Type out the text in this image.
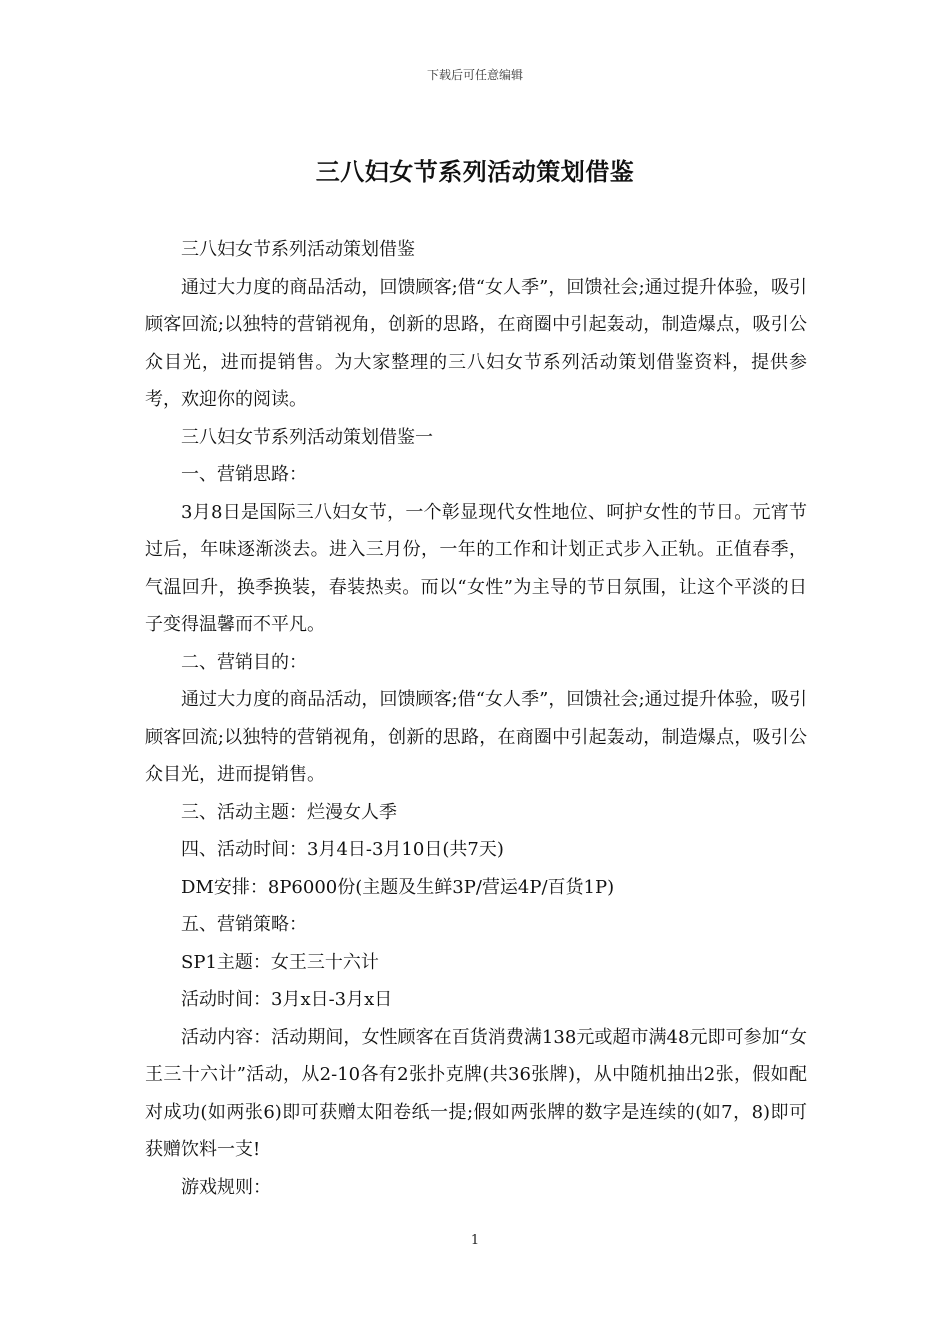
下载后可任意编辑
三八妇女节系列活动策划借鉴

三八妇女节系列活动策划借鉴

通过大力度的商品活动，回馈顾客;借“女人季”，回馈社会;通过提升体验，吸引顾客回流;以独特的营销视角，创新的思路，在商圈中引起轰动，制造爆点，吸引公众目光，进而提销售。为大家整理的三八妇女节系列活动策划借鉴资料，提供参考，欢迎你的阅读。

三八妇女节系列活动策划借鉴一

一、营销思路：

3月8日是国际三八妇女节，一个彰显现代女性地位、呵护女性的节日。元宵节过后，年味逐渐淡去。进入三月份，一年的工作和计划正式步入正轨。正值春季，气温回升，换季换装，春装热卖。而以“女性”为主导的节日氛围，让这个平淡的日子变得温馨而不平凡。

二、营销目的：

通过大力度的商品活动，回馈顾客;借“女人季”，回馈社会;通过提升体验，吸引顾客回流;以独特的营销视角，创新的思路，在商圈中引起轰动，制造爆点，吸引公众目光，进而提销售。

三、活动主题：烂漫女人季

四、活动时间：3月4日-3月10日(共7天)

DM安排：8P6000份(主题及生鲜3P/营运4P/百货1P)

五、营销策略：

SP1主题：女王三十六计

活动时间：3月x日-3月x日

活动内容：活动期间，女性顾客在百货消费满138元或超市满48元即可参加“女王三十六计”活动，从2-10各有2张扑克牌(共36张牌)，从中随机抽出2张，假如配对成功(如两张6)即可获赠太阳卷纸一提;假如两张牌的数字是连续的(如7，8)即可获赠饮料一支!

游戏规则：

1
